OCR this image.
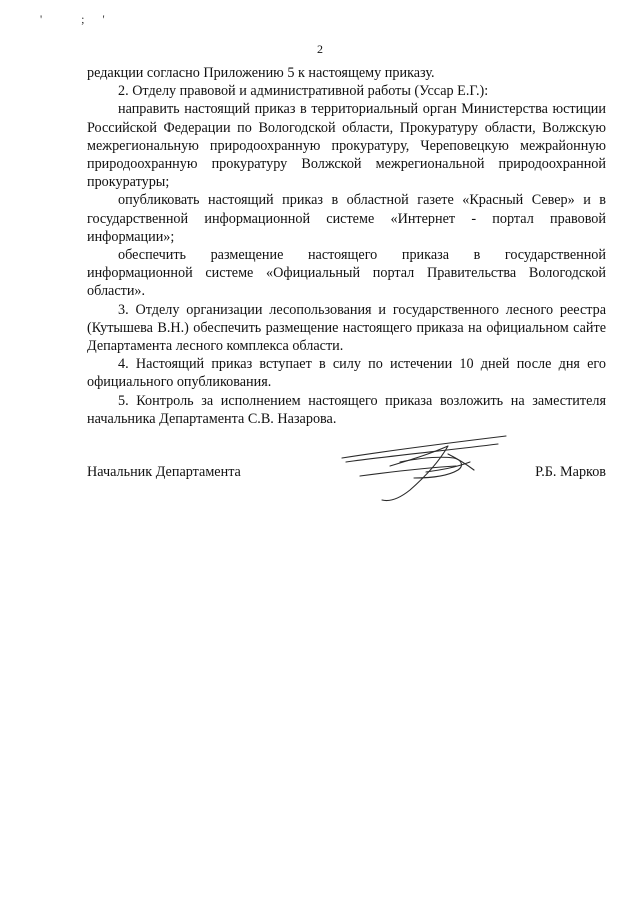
' ;'
2

редакции согласно Приложению 5 к настоящему приказу.

2. Отделу правовой и административной работы (Уссар Е.Г.):

направить настоящий приказ в территориальный орган Министерства юстиции Российской Федерации по Вологодской области, Прокуратуру области, Волжскую межрегиональную природоохранную прокуратуру, Череповецкую межрайонную природоохранную прокуратуру Волжской межрегиональной природоохранной прокуратуры;

опубликовать настоящий приказ в областной газете «Красный Север» и в государственной информационной системе «Интернет - портал правовой информации»;

обеспечить размещение настоящего приказа в государственной информационной системе «Официальный портал Правительства Вологодской области».

3. Отделу организации лесопользования и государственного лесного реестра (Кутышева В.Н.) обеспечить размещение настоящего приказа на официальном сайте Департамента лесного комплекса области.

4. Настоящий приказ вступает в силу по истечении 10 дней после дня его официального опубликования.

5. Контроль за исполнением настоящего приказа возложить на заместителя начальника Департамента С.В. Назарова.

Начальник Департамента	Р.Б. Марков
